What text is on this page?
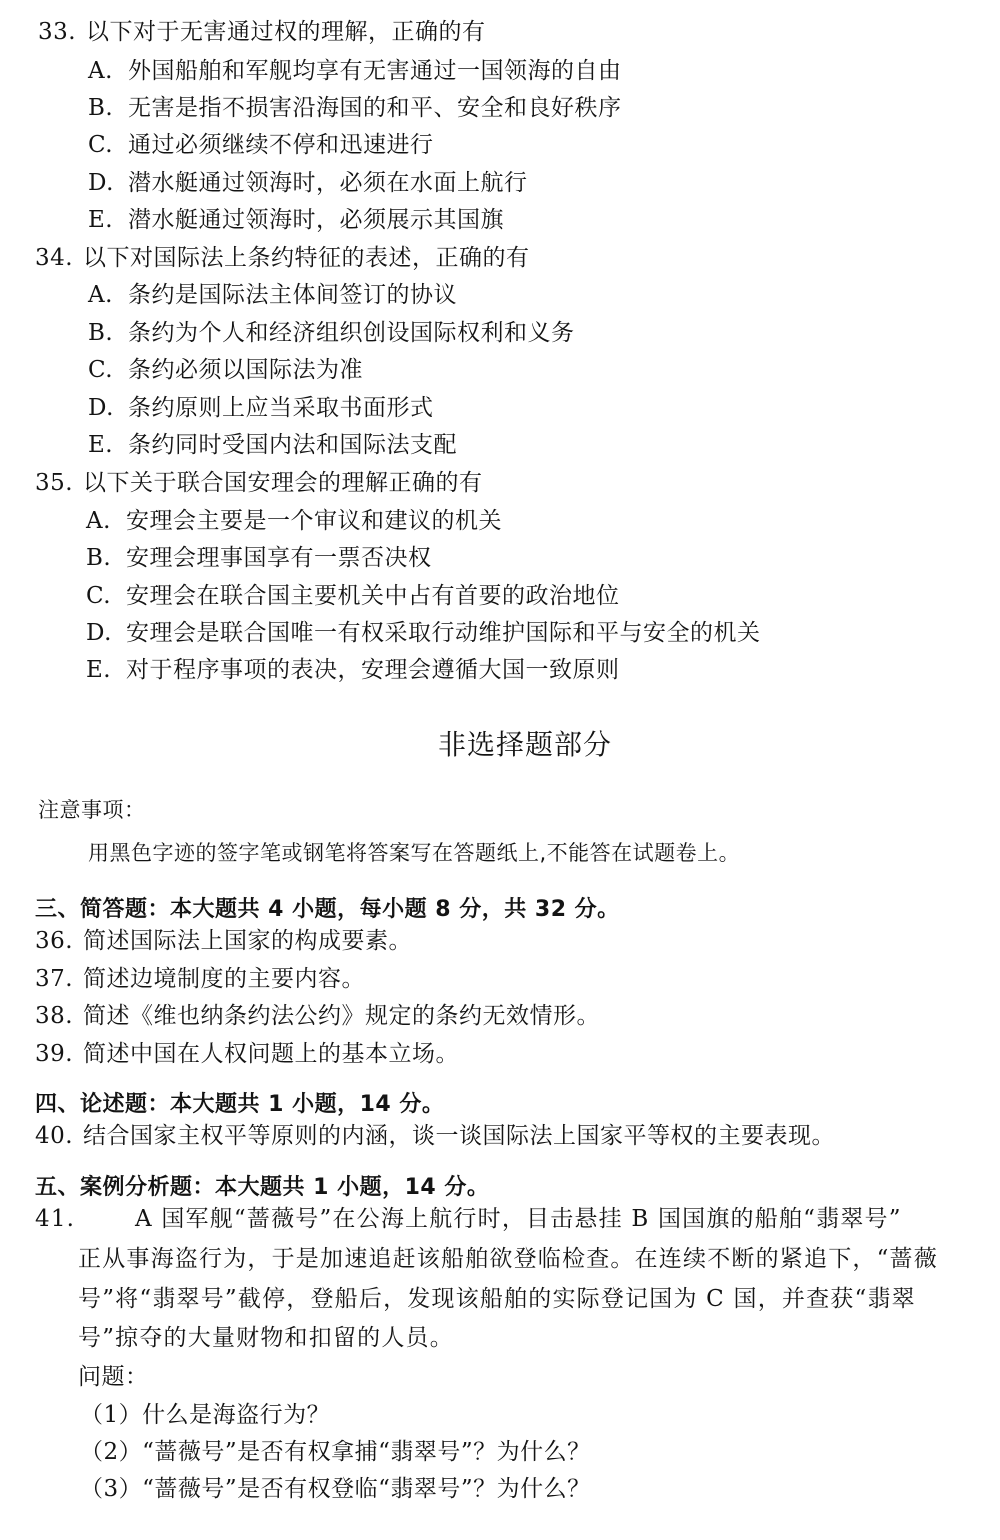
33. 以下对于无害通过权的理解，正确的有
A. 外国船舶和军舰均享有无害通过一国领海的自由
B. 无害是指不损害沿海国的和平、安全和良好秩序
C. 通过必须继续不停和迅速进行
D. 潜水艇通过领海时，必须在水面上航行
E. 潜水艇通过领海时，必须展示其国旗
34. 以下对国际法上条约特征的表述，正确的有
A. 条约是国际法主体间签订的协议
B. 条约为个人和经济组织创设国际权利和义务
C. 条约必须以国际法为准
D. 条约原则上应当采取书面形式
E. 条约同时受国内法和国际法支配
35. 以下关于联合国安理会的理解正确的有
A. 安理会主要是一个审议和建议的机关
B. 安理会理事国享有一票否决权
C. 安理会在联合国主要机关中占有首要的政治地位
D. 安理会是联合国唯一有权采取行动维护国际和平与安全的机关
E. 对于程序事项的表决，安理会遵循大国一致原则
非选择题部分
注意事项：
用黑色字迹的签字笔或钢笔将答案写在答题纸上,不能答在试题卷上。
三、简答题：本大题共 4 小题，每小题 8 分，共 32 分。
36. 简述国际法上国家的构成要素。
37. 简述边境制度的主要内容。
38. 简述《维也纳条约法公约》规定的条约无效情形。
39. 简述中国在人权问题上的基本立场。
四、论述题：本大题共 1 小题，14 分。
40. 结合国家主权平等原则的内涵，谈一谈国际法上国家平等权的主要表现。
五、案例分析题：本大题共 1 小题，14 分。
41.	A 国军舰“蔷薇号”在公海上航行时，目击悬挂 B 国国旗的船舶“翡翠号”
正从事海盗行为，于是加速追赶该船舶欲登临检查。在连续不断的紧追下，“蔷薇
号”将“翡翠号”截停，登船后，发现该船舶的实际登记国为 C 国，并查获“翡翠
号”掠夺的大量财物和扣留的人员。
问题：
（1）什么是海盗行为？
（2）“蔷薇号”是否有权拿捕“翡翠号”？为什么？
（3）“蔷薇号”是否有权登临“翡翠号”？为什么？
